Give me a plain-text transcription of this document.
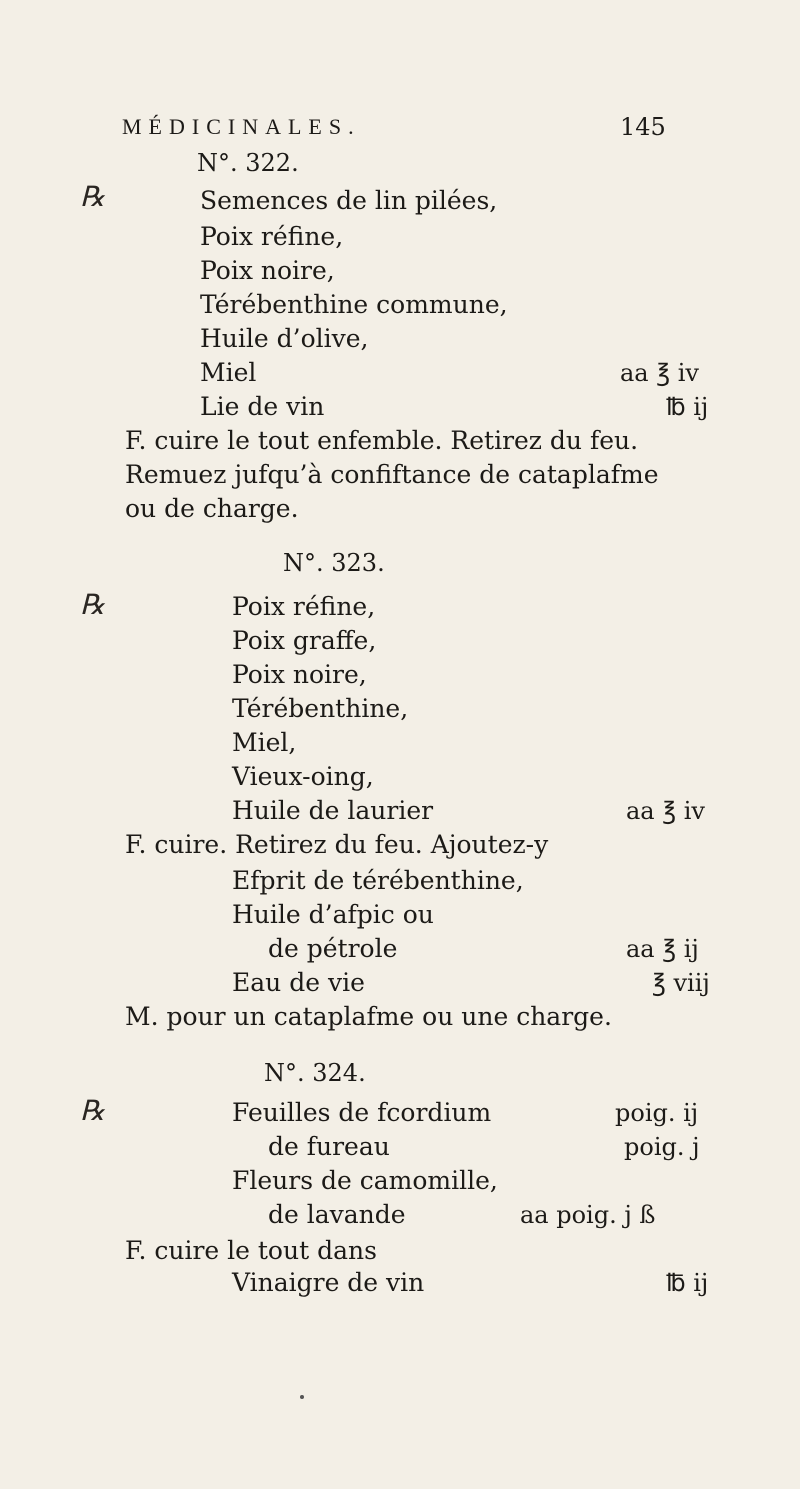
MÉDICINALES.	145
N°. 322.
℞	Semences de lin pilées,
Poix réfine,
Poix noire,
Térébenthine commune,
Huile d’olive,
Miel	aa ℥ iv
Lie de vin	℔ ij
F. cuire le tout enfemble. Retirez du feu.
Remuez jufqu’à confiftance de cataplafme
ou de charge.
N°. 323.
℞	Poix réfine,
Poix graffe,
Poix noire,
Térébenthine,
Miel,
Vieux-oing,
Huile de laurier	aa ℥ iv
F. cuire. Retirez du feu. Ajoutez-y
Efprit de térébenthine,
Huile d’afpic ou
de pétrole	aa ℥ ij
Eau de vie	℥ viij
M. pour un cataplafme ou une charge.
N°. 324.
℞	Feuilles de fcordium	poig. ij
de fureau	poig. j
Fleurs de camomille,
de lavande	aa poig. j ß
F. cuire le tout dans
Vinaigre de vin	℔ ij
